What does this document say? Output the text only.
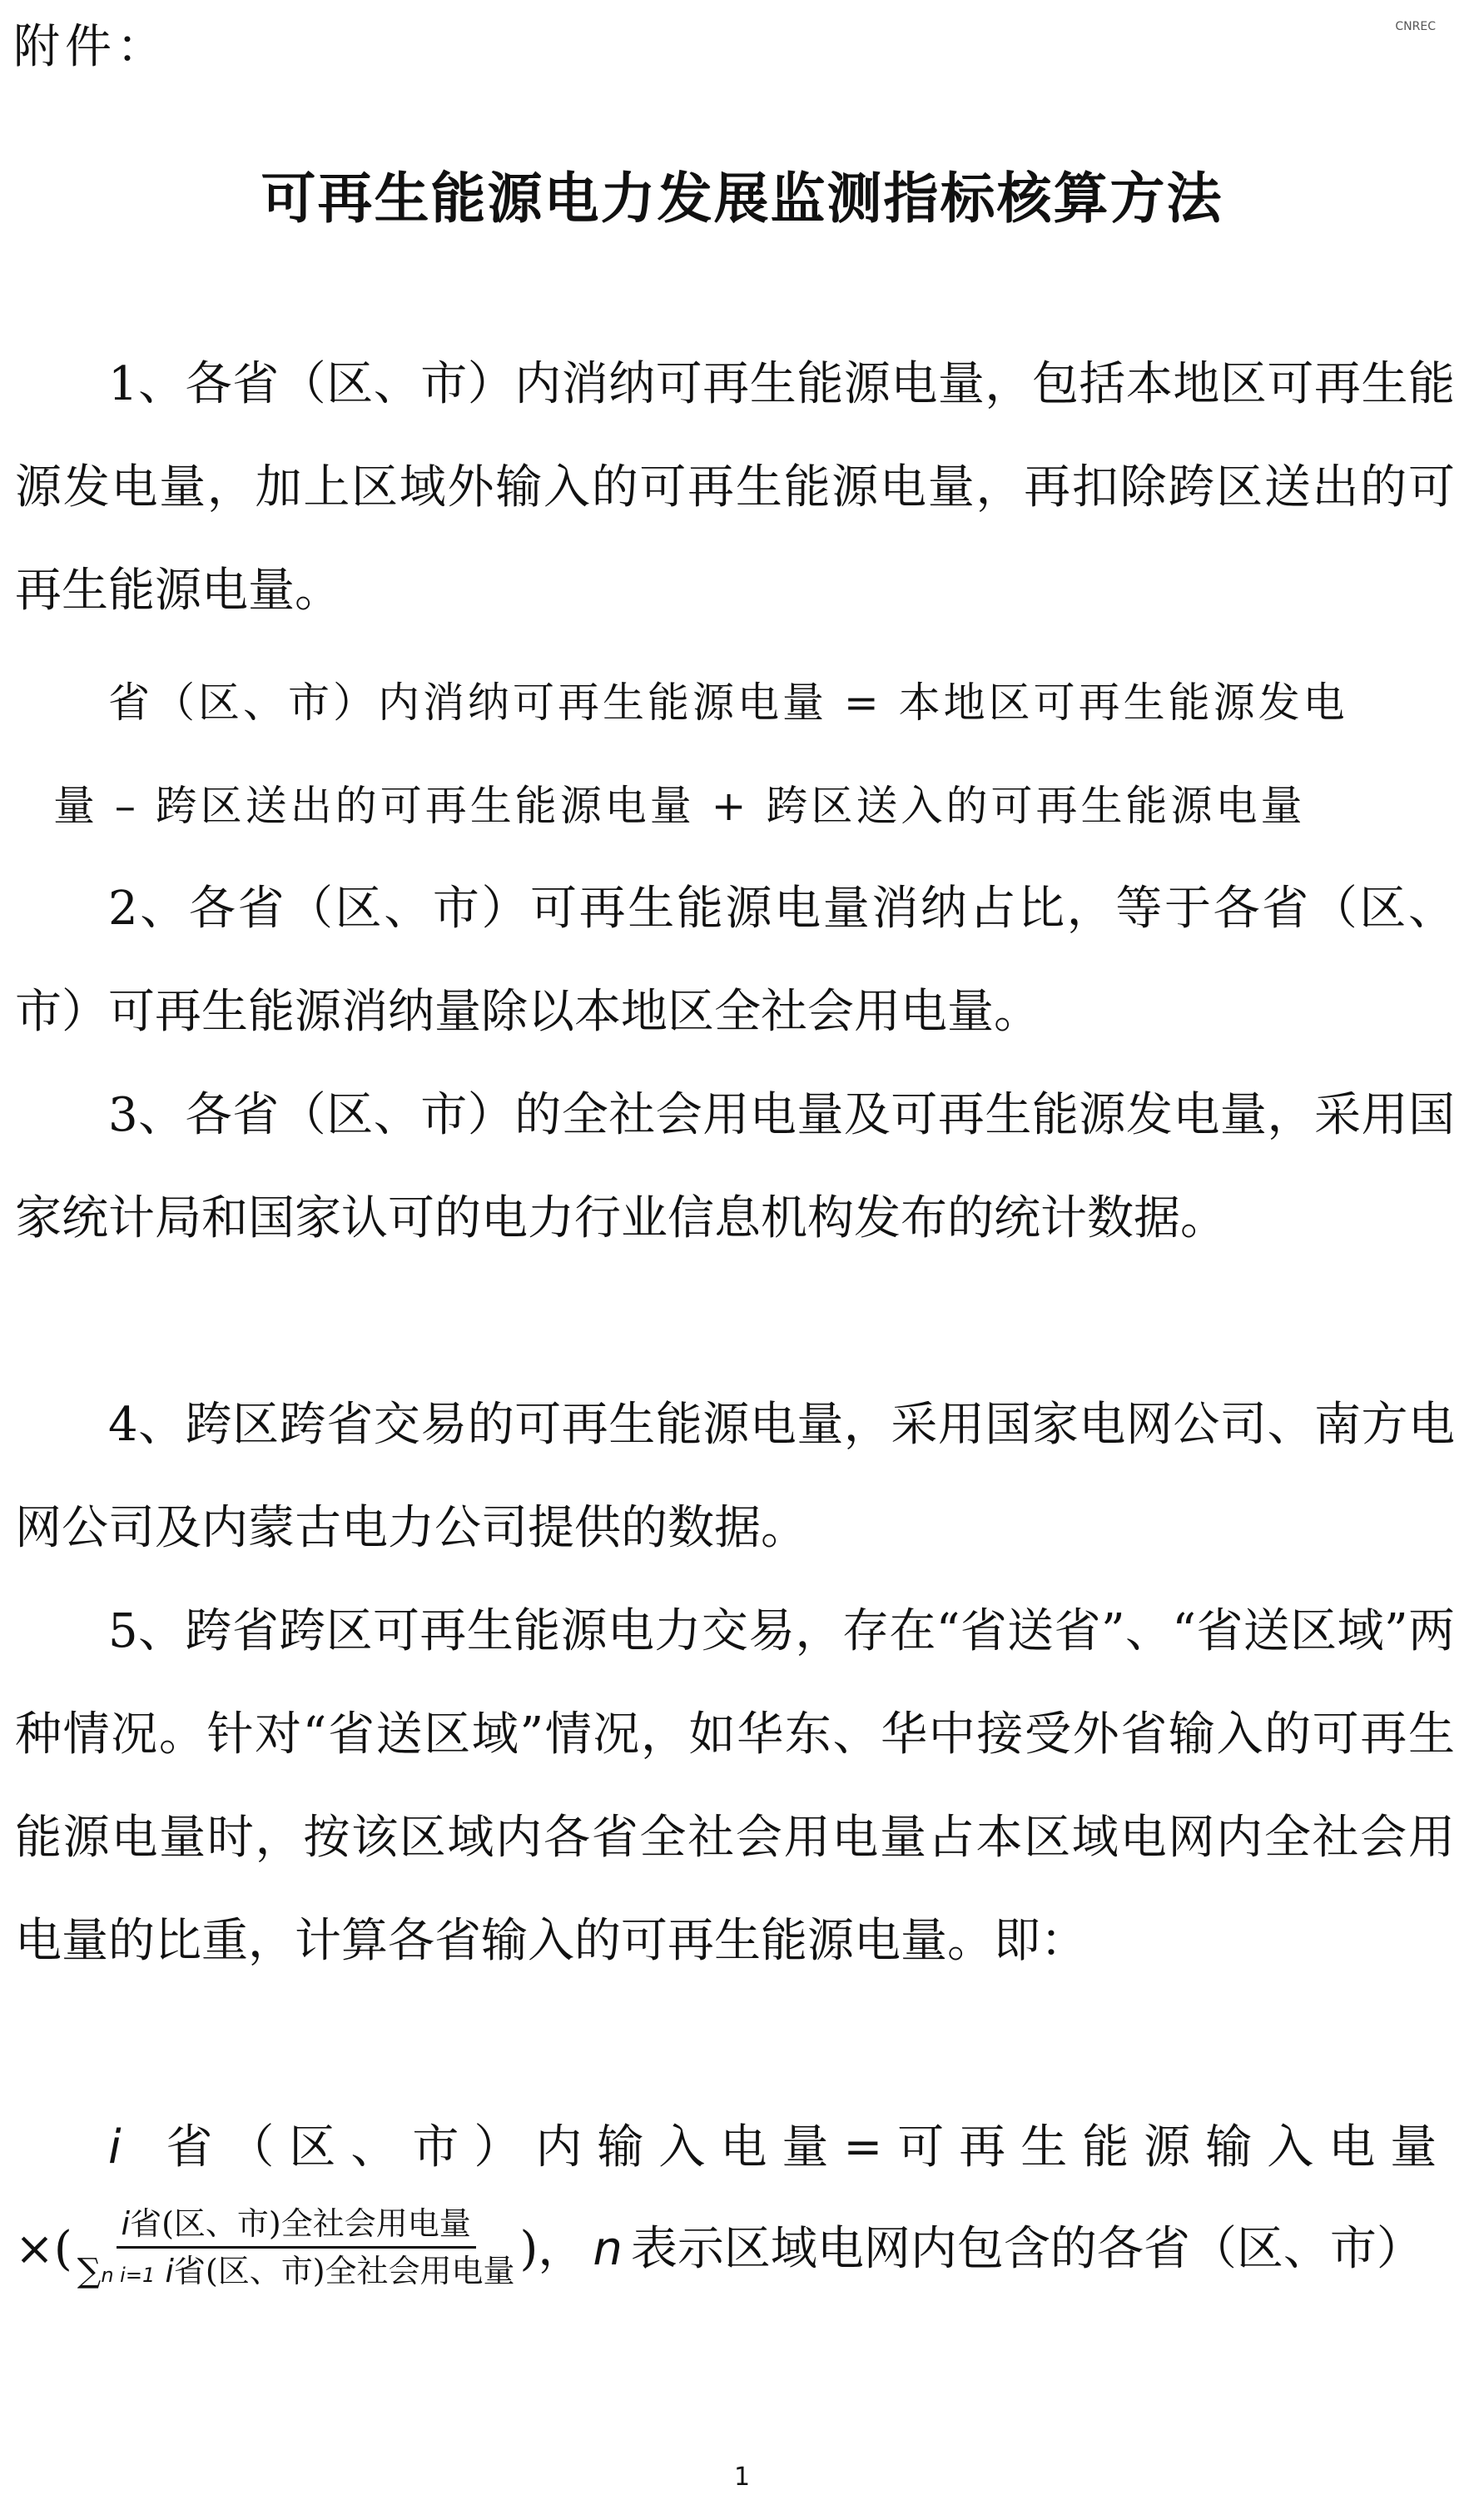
附件：	CNREC
可再生能源电力发展监测指标核算方法

1、各省（区、市）内消纳可再生能源电量，包括本地区可再生能源发电量，加上区域外输入的可再生能源电量，再扣除跨区送出的可再生能源电量。

省（区、市）内消纳可再生能源电量 = 本地区可再生能源发电
量 – 跨区送出的可再生能源电量 + 跨区送入的可再生能源电量

2、各省（区、市）可再生能源电量消纳占比，等于各省（区、市）可再生能源消纳量除以本地区全社会用电量。

3、各省（区、市）的全社会用电量及可再生能源发电量，采用国家统计局和国家认可的电力行业信息机构发布的统计数据。

4、跨区跨省交易的可再生能源电量，采用国家电网公司、南方电网公司及内蒙古电力公司提供的数据。

5、跨省跨区可再生能源电力交易，存在“省送省”、“省送区域”两种情况。针对“省送区域”情况，如华东、华中接受外省输入的可再生能源电量时，按该区域内各省全社会用电量占本区域电网内全社会用电量的比重，计算各省输入的可再生能源电量。即：

i 省（区、市）内输入电量=可再生能源输入电量
× ( $\frac{\text{i省(区、市)全社会用电量}}{\text{∑n i=1 i省(区、市)全社会用电量}}$ )， n 表示区域电网内包含的各省（区、市）
1
